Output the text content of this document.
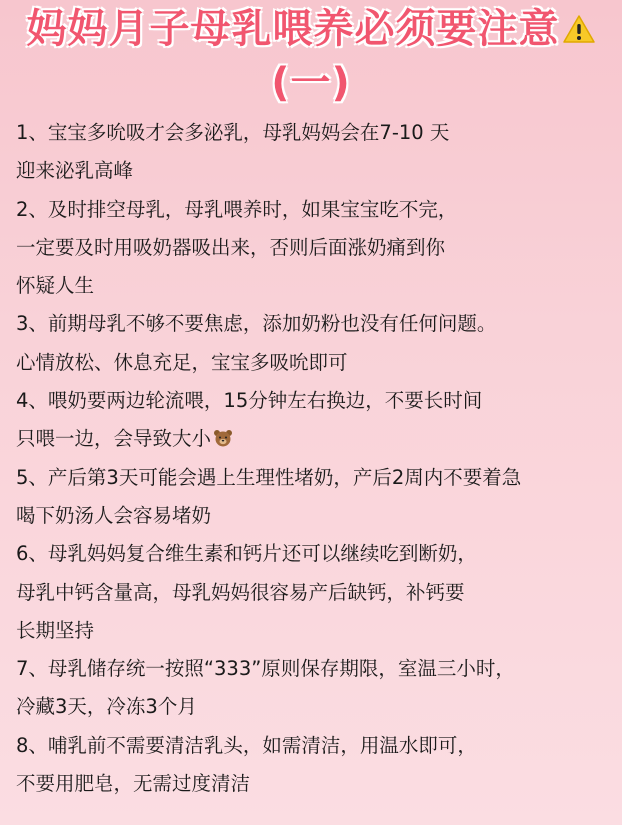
妈妈月子母乳喂养必须要注意
(一)

1、宝宝多吮吸才会多泌乳，母乳妈妈会在7-10 天

迎来泌乳高峰

2、及时排空母乳，母乳喂养时，如果宝宝吃不完，

一定要及时用吸奶器吸出来，否则后面涨奶痛到你

怀疑人生

3、前期母乳不够不要焦虑，添加奶粉也没有任何问题。

心情放松、休息充足，宝宝多吸吮即可

4、喂奶要两边轮流喂，15分钟左右换边，不要长时间

只喂一边，会导致大小

5、产后第3天可能会遇上生理性堵奶，产后2周内不要着急

喝下奶汤人会容易堵奶

6、母乳妈妈复合维生素和钙片还可以继续吃到断奶，

母乳中钙含量高，母乳妈妈很容易产后缺钙，补钙要

长期坚持

7、母乳储存统一按照“333”原则保存期限，室温三小时，

冷藏3天，冷冻3个月

8、哺乳前不需要清洁乳头，如需清洁，用温水即可，

不要用肥皂，无需过度清洁
